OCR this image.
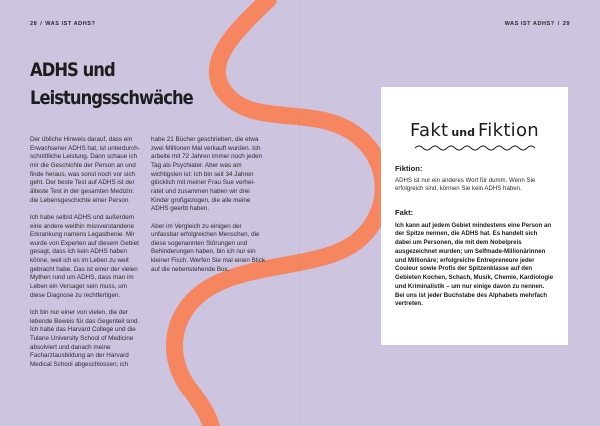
28 / WAS IST ADHS?	WAS IST ADHS? / 29
ADHS und Leistungsschwäche

Der übliche Hinweis darauf, dass ein Erwachsener ADHS hat, ist unterdurchschnittliche Leistung. Dann schaue ich mir die Geschichte der Person an und finde heraus, was sonst noch vor sich geht. Der beste Test auf ADHS ist der älteste Test in der gesamten Medizin: die Lebensgeschichte einer Person.

Ich habe selbst ADHS und außerdem eine andere weithin missverstandene Erkrankung namens Legasthenie. Mir wurde von Experten auf diesem Gebiet gesagt, dass ich kein ADHS haben könne, weil ich es im Leben zu weit gebracht habe. Das ist einer der vielen Mythen rund um ADHS, dass man im Leben ein Versager sein muss, um diese Diagnose zu rechtfertigen.

Ich bin nur einer von vielen, die der lebende Beweis für das Gegenteil sind. Ich habe das Harvard College und die Tulane University School of Medicine absolviert und danach meine Facharztausbildung an der Harvard Medical School abgeschlossen; ich

habe 21 Bücher geschrieben, die etwa zwei Millionen Mal verkauft wurden. Ich arbeite mit 72 Jahren immer noch jeden Tag als Psychiater. Aber was am wichtigsten ist: Ich bin seit 34 Jahren glücklich mit meiner Frau Sue verheiratet und zusammen haben wir drei Kinder großgezogen, die alle meine ADHS geerbt haben.

Aber im Vergleich zu einigen der unfassbar erfolgreichen Menschen, die diese sogenannten Störungen und Behinderungen haben, bin ich nur ein kleiner Fisch. Werfen Sie mal einen Blick auf die nebenstehende Box.

Fakt und Fiktion
Fiktion:

ADHS ist nur ein anderes Wort für dumm. Wenn Sie erfolgreich sind, können Sie kein ADHS haben.

Fakt:

Ich kann auf jedem Gebiet mindestens eine Person an der Spitze nennen, die ADHS hat. Es handelt sich dabei um Personen, die mit dem Nobelpreis ausgezeichnet wurden; um Selfmade-Millionärinnen und Millionäre; erfolgreiche Entrepreneure jeder Couleur sowie Profis der Spitzenklasse auf den Gebieten Kochen, Schach, Musik, Chemie, Kardiologie und Kriminalistik – um nur einige davon zu nennen. Bei uns ist jeder Buchstabe des Alphabets mehrfach vertreten.
